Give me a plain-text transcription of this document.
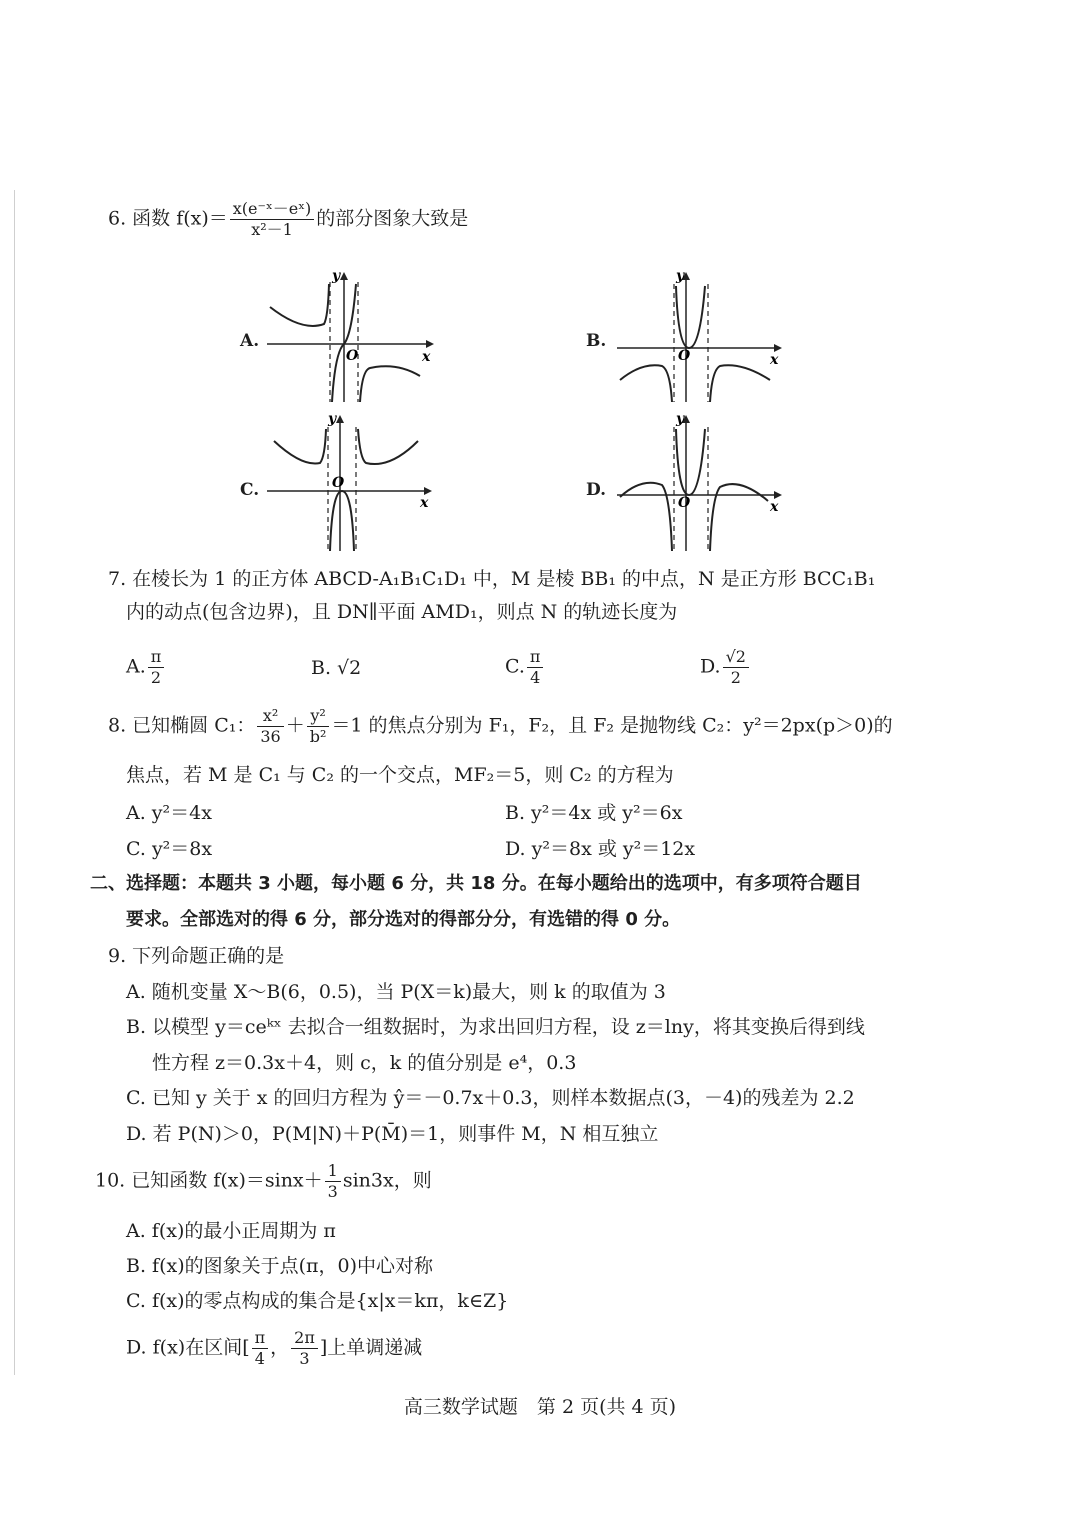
6. 函数 $f(x)= \frac{\text{x(e⁻ˣ－eˣ)}}{\text{x²－1}}$ 的部分图象大致是
A.
y
x
O
B.
y
x
O
C.
y
x
O	D.
y
x
O
7. 在棱长为 1 的正方体 ABCD-A₁B₁C₁D₁ 中，M 是棱 BB₁ 的中点，N 是正方形 BCC₁B₁
内的动点(包含边界)，且 DN∥平面 AMD₁，则点 N 的轨迹长度为
A. $\frac{\pi}{2}$	B. √2	C. $\frac{\pi}{4}$	D. $\frac{√2}{2}$
8. 已知椭圆 C₁： $\frac{\text{x²}}{36} + \frac{\text{y²}}{\text{b²}} =1$ 的焦点分别为 F₁，F₂，且 F₂ 是抛物线 C₂：y²＝2px(p＞0)的
焦点，若 M 是 C₁ 与 C₂ 的一个交点，MF₂＝5，则 C₂ 的方程为
A. y²＝4x	B. y²＝4x 或 y²＝6x
C. y²＝8x	D. y²＝8x 或 y²＝12x
二、选择题：本题共 3 小题，每小题 6 分，共 18 分。在每小题给出的选项中，有多项符合题目
要求。全部选对的得 6 分，部分选对的得部分分，有选错的得 0 分。
9. 下列命题正确的是
A. 随机变量 X～B(6，0.5)，当 P(X＝k)最大，则 k 的取值为 3
B. 以模型 y＝ceᵏˣ 去拟合一组数据时，为求出回归方程，设 z＝lny，将其变换后得到线
性方程 z＝0.3x＋4，则 c，k 的值分别是 e⁴，0.3
C. 已知 y 关于 x 的回归方程为 ŷ＝－0.7x＋0.3，则样本数据点(3，－4)的残差为 2.2
D. 若 P(N)＞0，P(M|N)＋P(M̄)＝1，则事件 M，N 相互独立
10. 已知函数 $f(x)=\sin x+ \frac{1}{3} \sin 3x$，则
A. f(x)的最小正周期为 π
B. f(x)的图象关于点(π，0)中心对称
C. f(x)的零点构成的集合是{x|x＝kπ，k∈Z}
D. f(x)在区间[ $\frac{\pi}{4}$ ， $\frac{2\pi}{3}$ ]上单调递减
高三数学试题　第 2 页(共 4 页)
